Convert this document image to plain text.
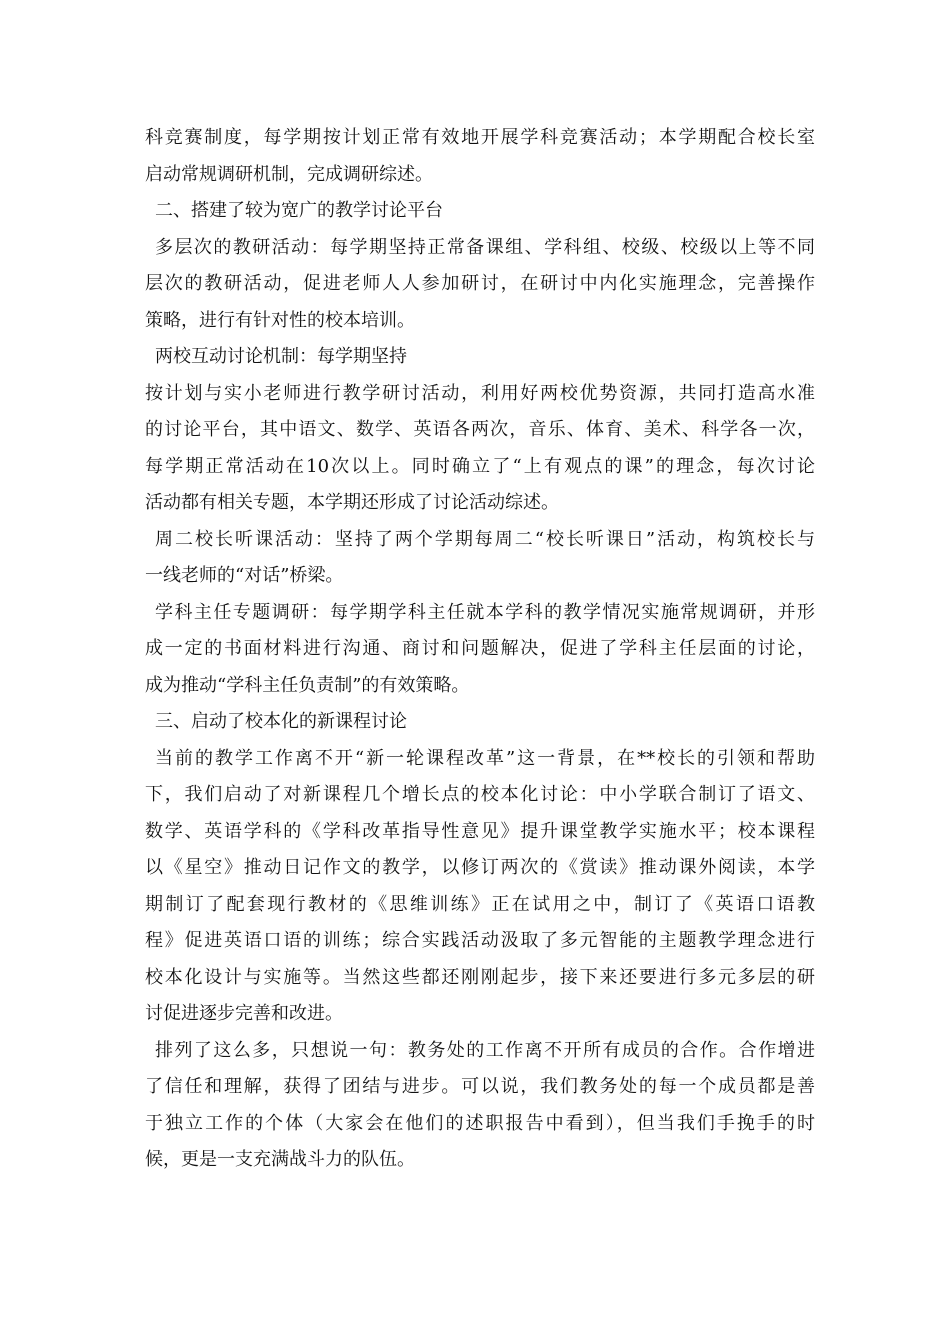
科竞赛制度，每学期按计划正常有效地开展学科竞赛活动；本学期配合校长室
启动常规调研机制，完成调研综述。

二、搭建了较为宽广的教学讨论平台

多层次的教研活动：每学期坚持正常备课组、学科组、校级、校级以上等不同
层次的教研活动，促进老师人人参加研讨，在研讨中内化实施理念，完善操作
策略，进行有针对性的校本培训。

两校互动讨论机制：每学期坚持

按计划与实小老师进行教学研讨活动，利用好两校优势资源，共同打造高水准
的讨论平台，其中语文、数学、英语各两次，音乐、体育、美术、科学各一次，
每学期正常活动在10次以上。同时确立了“上有观点的课”的理念，每次讨论
活动都有相关专题，本学期还形成了讨论活动综述。

周二校长听课活动：坚持了两个学期每周二“校长听课日”活动，构筑校长与
一线老师的“对话”桥梁。

学科主任专题调研：每学期学科主任就本学科的教学情况实施常规调研，并形
成一定的书面材料进行沟通、商讨和问题解决，促进了学科主任层面的讨论，
成为推动“学科主任负责制”的有效策略。

三、启动了校本化的新课程讨论

当前的教学工作离不开“新一轮课程改革”这一背景，在**校长的引领和帮助
下，我们启动了对新课程几个增长点的校本化讨论：中小学联合制订了语文、
数学、英语学科的《学科改革指导性意见》提升课堂教学实施水平；校本课程
以《星空》推动日记作文的教学，以修订两次的《赏读》推动课外阅读，本学
期制订了配套现行教材的《思维训练》正在试用之中，制订了《英语口语教
程》促进英语口语的训练；综合实践活动汲取了多元智能的主题教学理念进行
校本化设计与实施等。当然这些都还刚刚起步，接下来还要进行多元多层的研
讨促进逐步完善和改进。

排列了这么多，只想说一句：教务处的工作离不开所有成员的合作。合作增进
了信任和理解，获得了团结与进步。可以说，我们教务处的每一个成员都是善
于独立工作的个体（大家会在他们的述职报告中看到），但当我们手挽手的时
候，更是一支充满战斗力的队伍。
